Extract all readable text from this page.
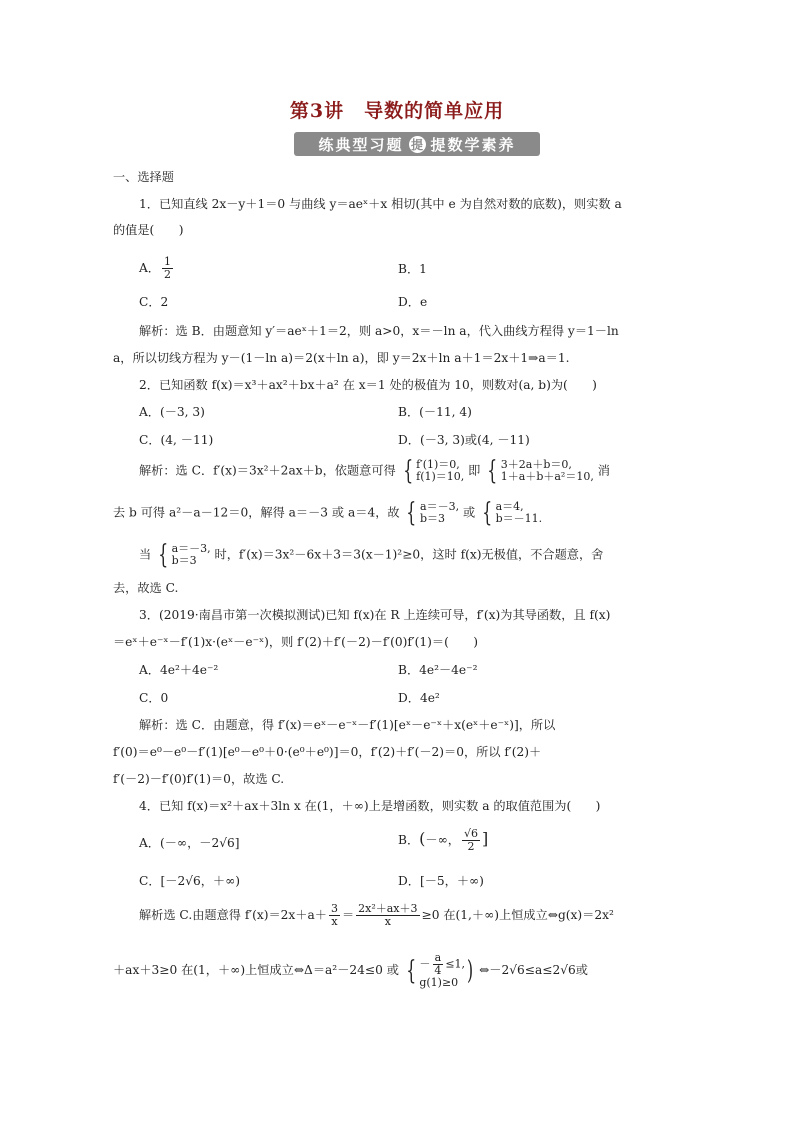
第3讲　导数的简单应用
练典型习题 提 提数学素养
一、选择题
1．已知直线 2x－y＋1＝0 与曲线 y＝aeˣ＋x 相切(其中 e 为自然对数的底数)，则实数 a
的值是(　　)
A． $\frac{1}{2}$	B．1
C．2	D．e
解析：选 B．由题意知 y′＝aeˣ＋1＝2，则 a>0，x＝－ln a，代入曲线方程得 y＝1－ln
a，所以切线方程为 y－(1－ln a)＝2(x＋ln a)，即 y＝2x＋ln a＋1＝2x＋1⇒a＝1.
2．已知函数 f(x)＝x³＋ax²＋bx＋a² 在 x＝1 处的极值为 10，则数对(a, b)为(　　)
A．(－3, 3)	B．(－11, 4)
C．(4, －11)	D．(－3, 3)或(4, －11)
解析：选 C．f′(x)＝3x²＋2ax＋b，依题意可得 { f′(1)＝0,
f(1)＝10, 即 { 3＋2a＋b＝0,
1＋a＋b＋a²＝10, 消
去 b 可得 a²－a－12＝0，解得 a＝－3 或 a＝4，故 { a＝－3,
b＝3	或 { a＝4,
b＝－11.
当 { a＝－3,
b＝3	时，f′(x)＝3x²－6x＋3＝3(x－1)²≥0，这时 f(x)无极值，不合题意，舍
去，故选 C.
3．(2019·南昌市第一次模拟测试)已知 f(x)在 R 上连续可导，f′(x)为其导函数，且 f(x)
＝eˣ＋e⁻ˣ－f′(1)x·(eˣ－e⁻ˣ)，则 f′(2)＋f′(－2)－f′(0)f′(1)＝(　　)
A．4e²＋4e⁻²	B．4e²－4e⁻²
C．0	D．4e²
解析：选 C．由题意，得 f′(x)＝eˣ－e⁻ˣ－f′(1)[eˣ－e⁻ˣ＋x(eˣ＋e⁻ˣ)]，所以
f′(0)＝e⁰－e⁰－f′(1)[e⁰－e⁰＋0·(e⁰＋e⁰)]＝0，f′(2)＋f′(－2)＝0，所以 f′(2)＋
f′(－2)－f′(0)f′(1)＝0，故选 C.
4．已知 f(x)＝x²＋ax＋3ln x 在(1，＋∞)上是增函数，则实数 a 的取值范围为(　　)
A．(－∞，－2√6]	B．(－∞， $\frac{√6}{2}$ ]
C．[－2√6，＋∞)	D．[－5，＋∞)
解析选 C.由题意得 $f'(x)=2x+a+ \frac{3}{x} = \frac{\text{2x²＋ax＋3}}{x} \ge 0$ 在(1,＋∞)上恒成立⇔g(x)＝2x²
＋ax＋3≥0 在(1，＋∞)上恒成立⇔Δ＝a²－24≤0 或 { － $\frac{a}{4} \le 1$,
g(1)≥0 ) ⇔－2√6≤a≤2√6或
